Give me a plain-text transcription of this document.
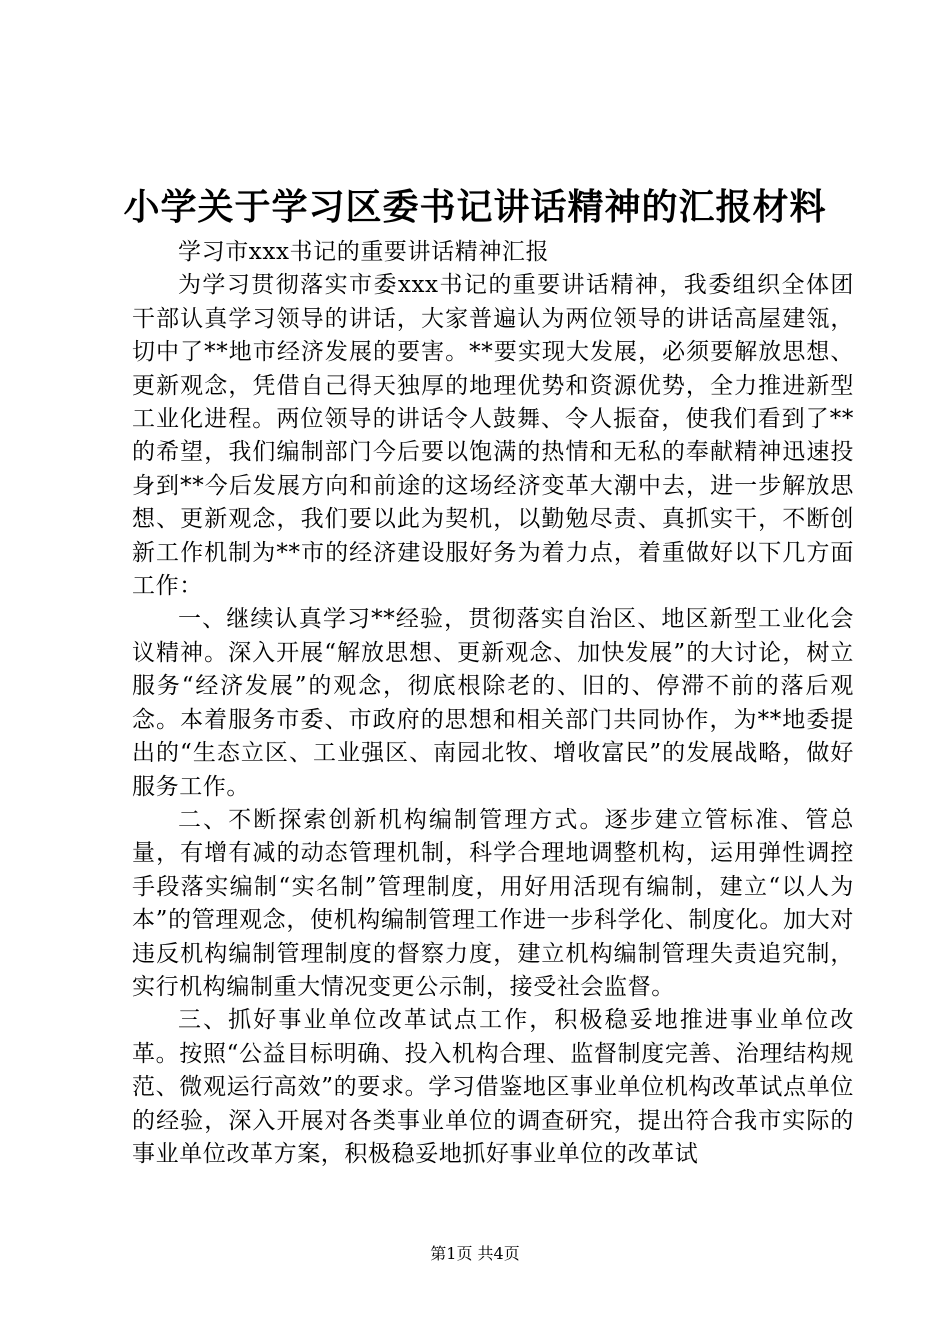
小学关于学习区委书记讲话精神的汇报材料

学习市xxx书记的重要讲话精神汇报

为学习贯彻落实市委xxx书记的重要讲话精神，我委组织全体团干部认真学习领导的讲话，大家普遍认为两位领导的讲话高屋建瓴，切中了**地市经济发展的要害。**要实现大发展，必须要解放思想、更新观念，凭借自己得天独厚的地理优势和资源优势，全力推进新型工业化进程。两位领导的讲话令人鼓舞、令人振奋，使我们看到了**的希望，我们编制部门今后要以饱满的热情和无私的奉献精神迅速投身到**今后发展方向和前途的这场经济变革大潮中去，进一步解放思想、更新观念，我们要以此为契机，以勤勉尽责、真抓实干，不断创新工作机制为**市的经济建设服好务为着力点，着重做好以下几方面工作：

一、继续认真学习**经验，贯彻落实自治区、地区新型工业化会议精神。深入开展“解放思想、更新观念、加快发展”的大讨论，树立服务“经济发展”的观念，彻底根除老的、旧的、停滞不前的落后观念。本着服务市委、市政府的思想和相关部门共同协作，为**地委提出的“生态立区、工业强区、南园北牧、增收富民”的发展战略，做好服务工作。

二、不断探索创新机构编制管理方式。逐步建立管标准、管总量，有增有减的动态管理机制，科学合理地调整机构，运用弹性调控手段落实编制“实名制”管理制度，用好用活现有编制，建立“以人为本”的管理观念，使机构编制管理工作进一步科学化、制度化。加大对违反机构编制管理制度的督察力度，建立机构编制管理失责追究制，实行机构编制重大情况变更公示制，接受社会监督。

三、抓好事业单位改革试点工作，积极稳妥地推进事业单位改革。按照“公益目标明确、投入机构合理、监督制度完善、治理结构规范、微观运行高效”的要求。学习借鉴地区事业单位机构改革试点单位的经验，深入开展对各类事业单位的调查研究，提出符合我市实际的事业单位改革方案，积极稳妥地抓好事业单位的改革试

第1页 共4页
